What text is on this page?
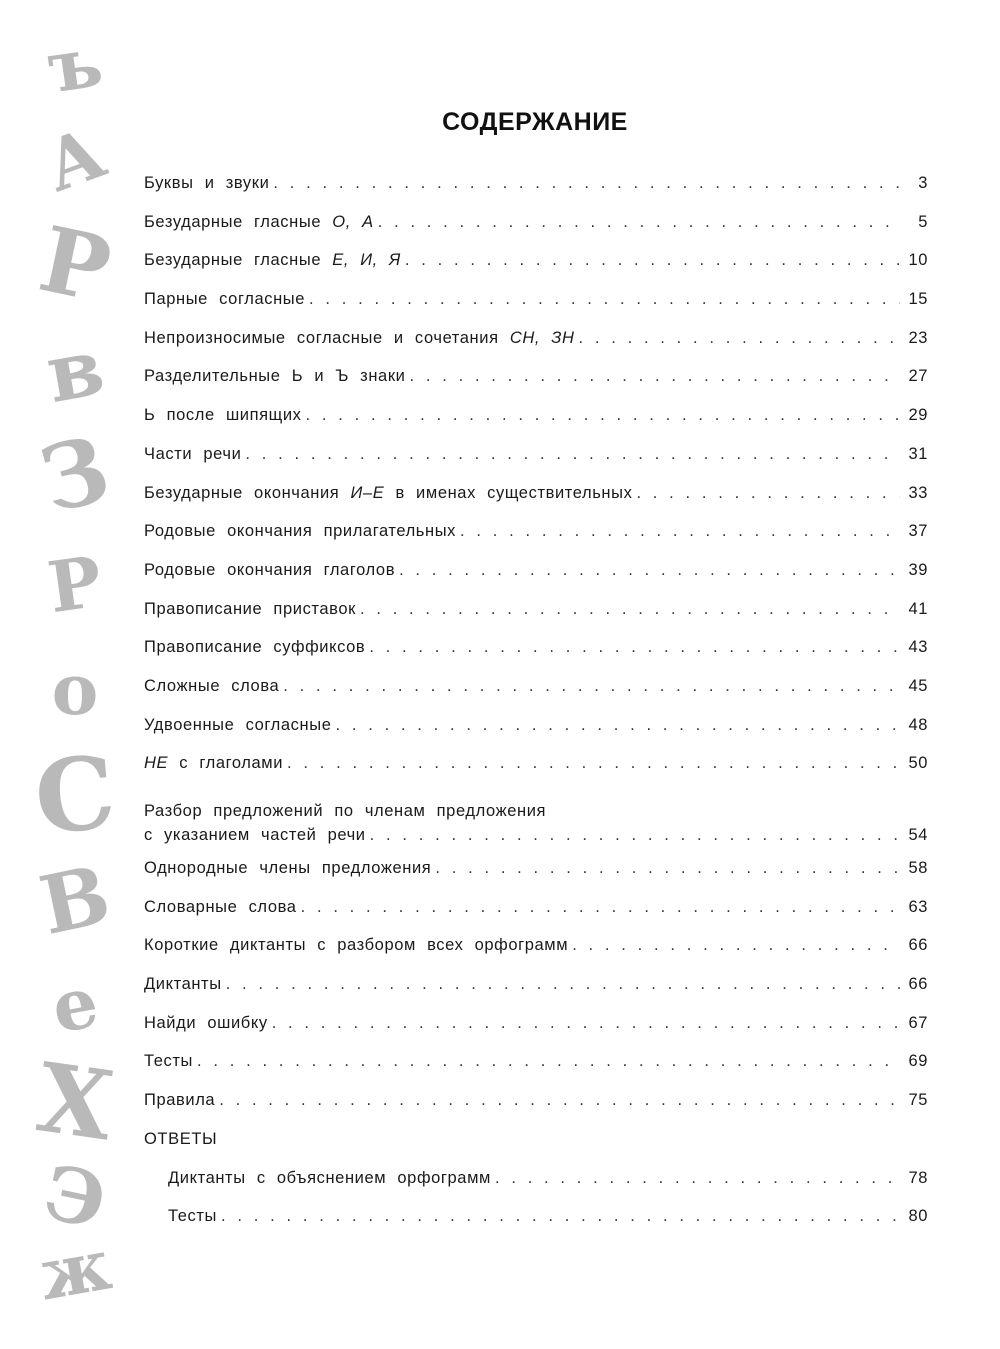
ъ
А
Р
в
З
Р
о
С
В
е
Х
Э
ж
СОДЕРЖАНИЕ
Буквы и звуки . . .	3
Безударные гласные О, А . . .	5
Безударные гласные Е, И, Я . . .	10
Парные согласные . . .	15
Непроизносимые согласные и сочетания СН, ЗН . . .	23
Разделительные Ь и Ъ знаки . . .	27
Ь после шипящих . . .	29
Части речи . . .	31
Безударные окончания И–Е в именах существительных . . .	33
Родовые окончания прилагательных . . .	37
Родовые окончания глаголов . . .	39
Правописание приставок . . .	41
Правописание суффиксов . . .	43
Сложные слова . . .	45
Удвоенные согласные . . .	48
НЕ с глаголами . . .	50
Разбор предложений по членам предложения
с указанием частей речи . . .	54
Однородные члены предложения . . .	58
Словарные слова . . .	63
Короткие диктанты с разбором всех орфограмм . . .	66
Диктанты . . .	66
Найди ошибку . . .	67
Тесты . . .	69
Правила . . .	75
ОТВЕТЫ
Диктанты с объяснением орфограмм . . .	78
Тесты . . .	80
